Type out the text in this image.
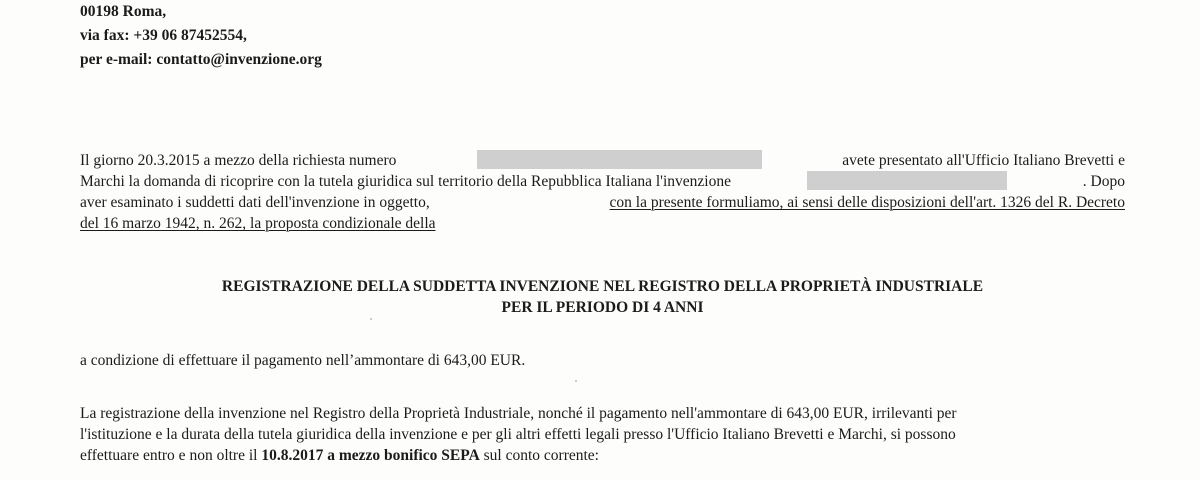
00198 Roma,
via fax: +39 06 87452554,
per e-mail: contatto@invenzione.org
Il giorno 20.3.2015 a mezzo della richiesta numero	avete presentato all'Ufficio Italiano Brevetti e
Marchi la domanda di ricoprire con la tutela giuridica sul territorio della Repubblica Italiana l'invenzione	. Dopo
aver esaminato i suddetti dati dell'invenzione in oggetto,	con la presente formuliamo, ai sensi delle disposizioni dell'art. 1326 del R. Decreto
del 16 marzo 1942, n. 262, la proposta condizionale della
REGISTRAZIONE DELLA SUDDETTA INVENZIONE NEL REGISTRO DELLA PROPRIETÀ INDUSTRIALE
PER IL PERIODO DI 4 ANNI
a condizione di effettuare il pagamento nell’ammontare di 643,00 EUR.
La registrazione della invenzione nel Registro della Proprietà Industriale, nonché il pagamento nell'ammontare di 643,00 EUR, irrilevanti per
l'istituzione e la durata della tutela giuridica della invenzione e per gli altri effetti legali presso l'Ufficio Italiano Brevetti e Marchi, si possono
effettuare entro e non oltre il 10.8.2017 a mezzo bonifico SEPA sul conto corrente:
